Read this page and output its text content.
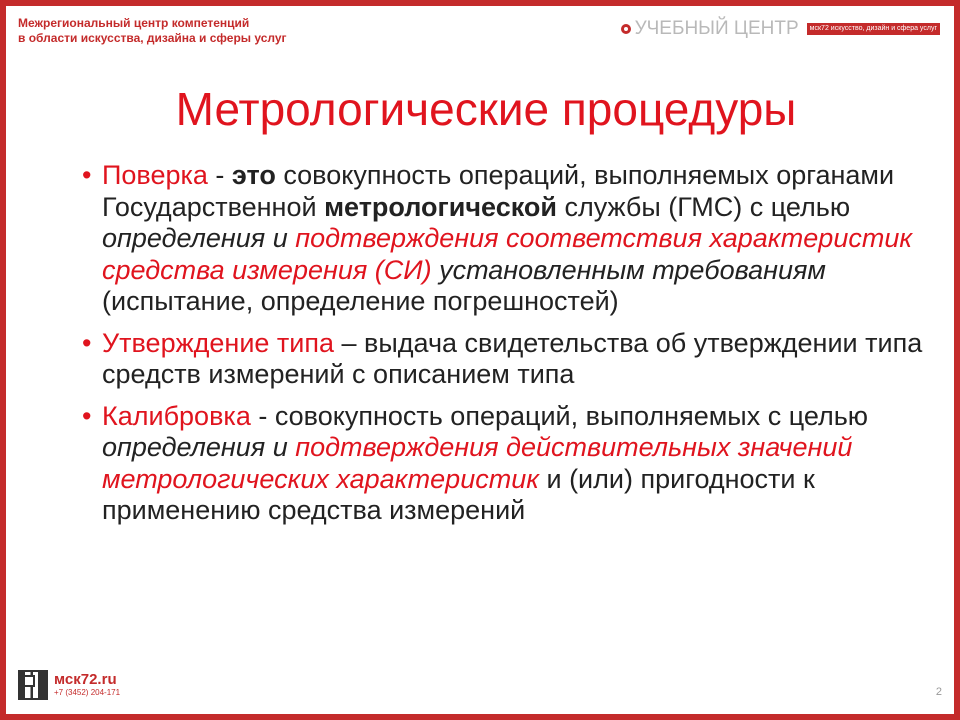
Межрегиональный центр компетенций
в области искусства, дизайна и сферы услуг	УЧЕБНЫЙ ЦЕНТР	мск72 искусство, дизайн и сфера услуг
Метрологические процедуры
• Поверка - это совокупность операций, выполняемых органами Государственной метрологической службы (ГМС) с целью определения и подтверждения соответствия характеристик средства измерения (СИ) установленным требованиям (испытание, определение погрешностей)
• Утверждение типа – выдача свидетельства об утверждении типа средств измерений с описанием типа
• Калибровка - совокупность операций, выполняемых с целью определения и подтверждения действительных значений метрологических характеристик и (или) пригодности к применению средства измерений
мск72.ru
+7 (3452) 204-171	2
